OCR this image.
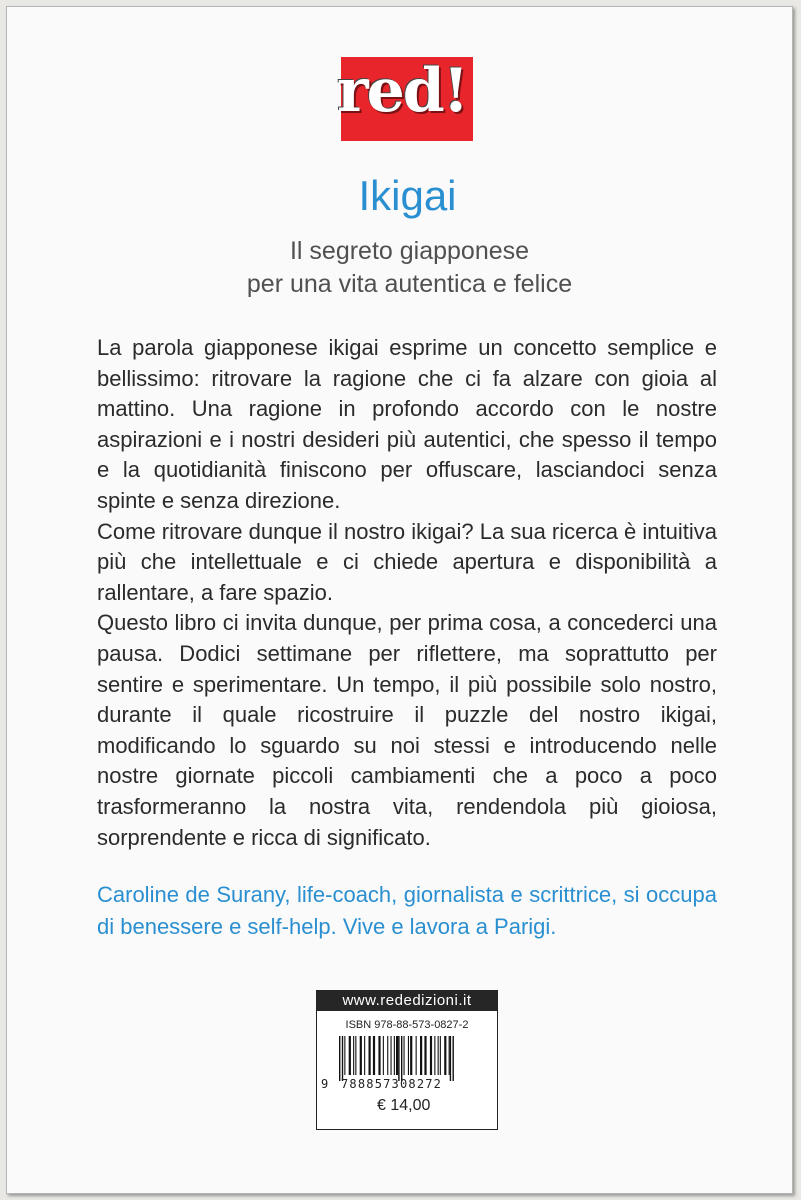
red!
Ikigai
Il segreto giapponese
per una vita autentica e felice

La parola giapponese ikigai esprime un concetto semplice e bellissimo: ritrovare la ragione che ci fa alzare con gioia al mattino. Una ragione in profondo accordo con le nostre aspirazioni e i nostri desideri più autentici, che spesso il tempo e la quotidianità finiscono per offuscare, lasciandoci senza spinte e senza direzione.

Come ritrovare dunque il nostro ikigai? La sua ricerca è intuitiva più che intellettuale e ci chiede apertura e disponibilità a rallentare, a fare spazio.

Questo libro ci invita dunque, per prima cosa, a concederci una pausa. Dodici settimane per riflettere, ma soprattutto per sentire e sperimentare. Un tempo, il più possibile solo nostro, durante il quale ricostruire il puzzle del nostro ikigai, modificando lo sguardo su noi stessi e introducendo nelle nostre giornate piccoli cambiamenti che a poco a poco trasformeranno la nostra vita, rendendola più gioiosa, sorprendente e ricca di significato.

Caroline de Surany, life-coach, giornalista e scrittrice, si occupa di benessere e self-help. Vive e lavora a Parigi.

www.rededizioni.it
ISBN 978-88-573-0827-2
9 788857308272
€ 14,00
